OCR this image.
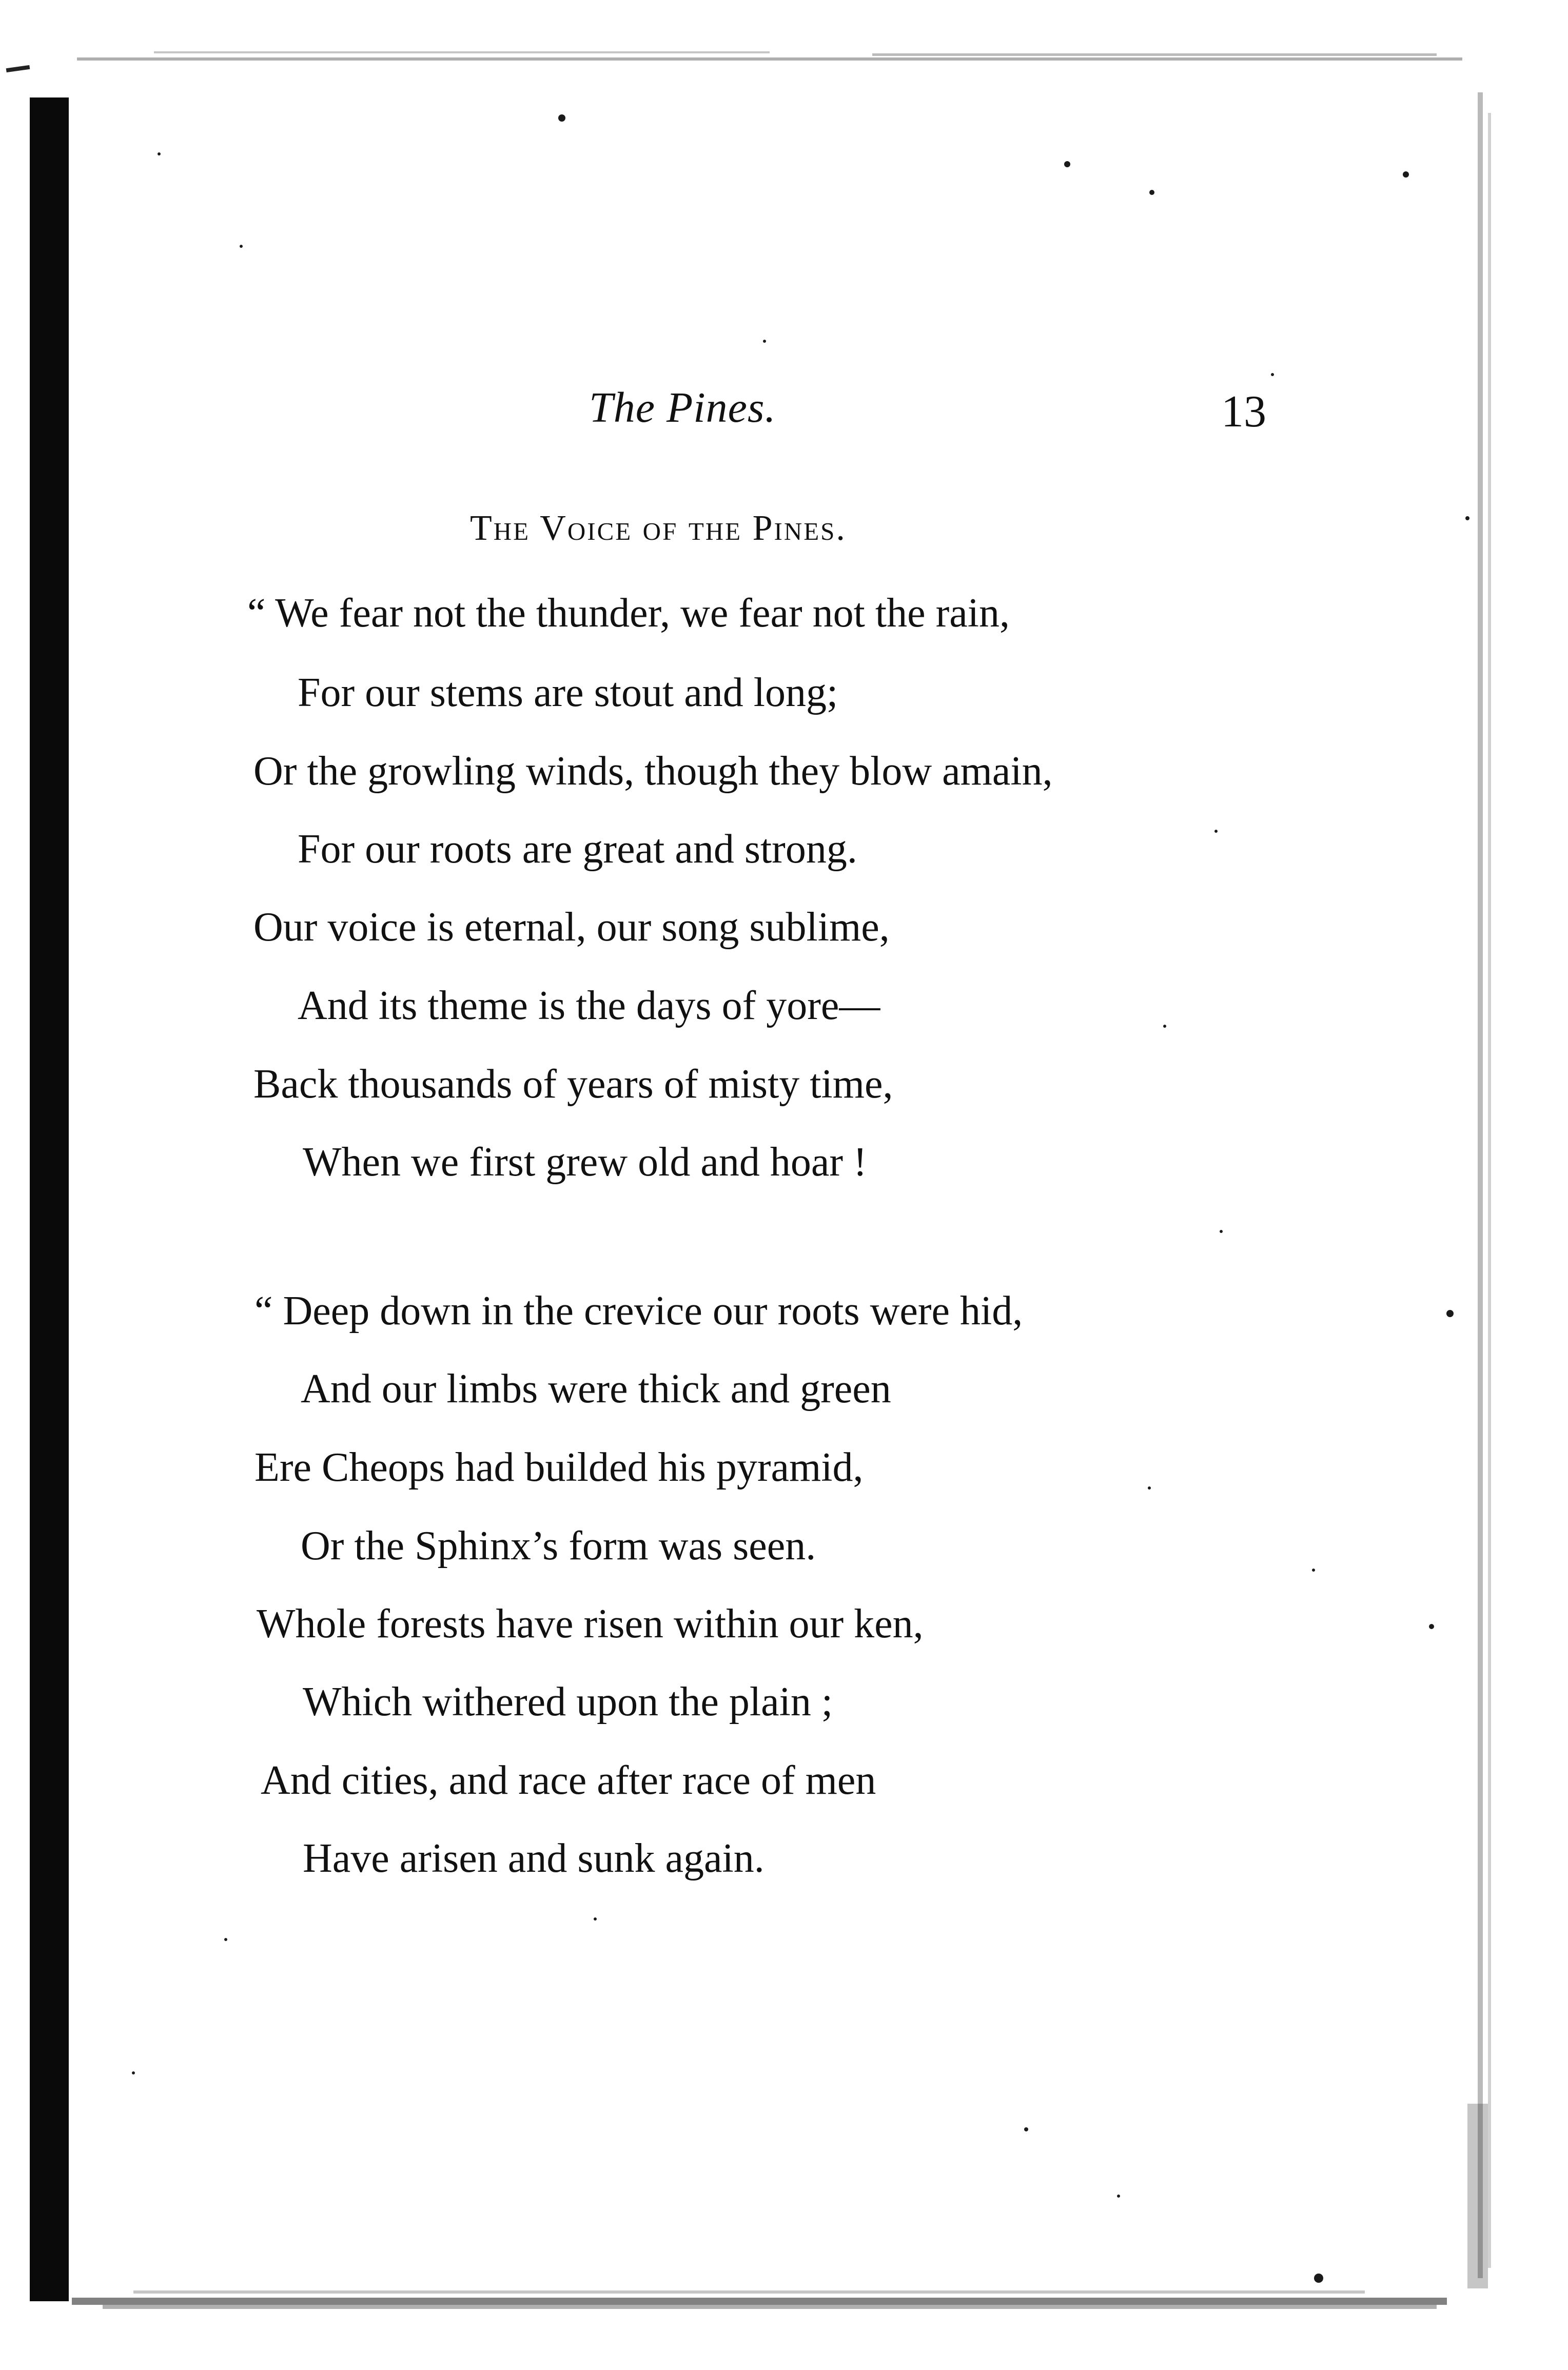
The Pines.	13
The Voice of the Pines.
“ We fear not the thunder, we fear not the rain,
For our stems are stout and long;
Or the growling winds, though they blow amain,
For our roots are great and strong.
Our voice is eternal, our song sublime,
And its theme is the days of yore—
Back thousands of years of misty time,
When we first grew old and hoar !
“ Deep down in the crevice our roots were hid,
And our limbs were thick and green
Ere Cheops had builded his pyramid,
Or the Sphinx’s form was seen.
Whole forests have risen within our ken,
Which withered upon the plain ;
And cities, and race after race of men
Have arisen and sunk again.
